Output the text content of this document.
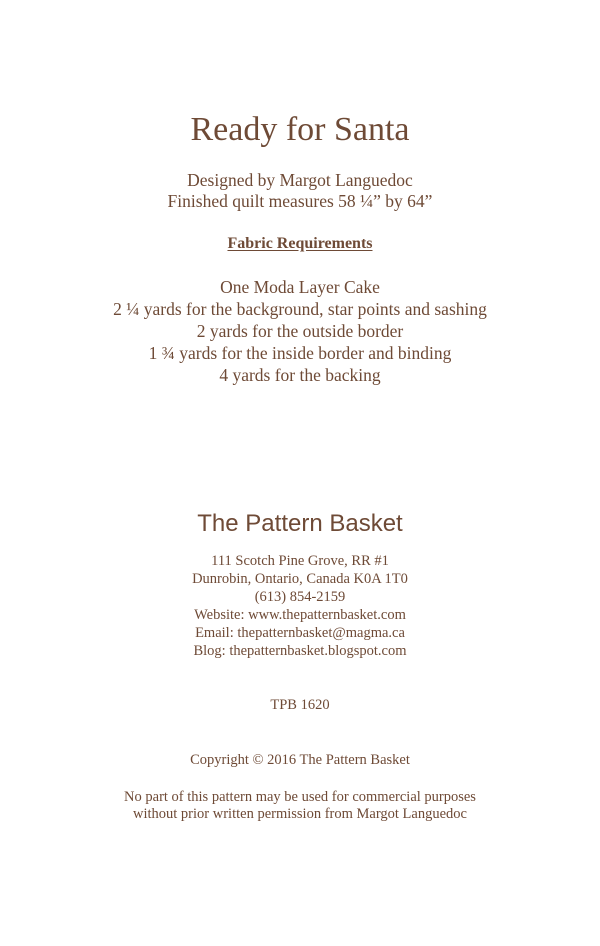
Ready for Santa
Designed by Margot Languedoc
Finished quilt measures 58 ¼” by 64”
Fabric Requirements
One Moda Layer Cake
2 ¼ yards for the background, star points and sashing
2 yards for the outside border
1 ¾ yards for the inside border and binding
4 yards for the backing
The Pattern Basket
111 Scotch Pine Grove, RR #1
Dunrobin, Ontario, Canada K0A 1T0
(613) 854-2159
Website: www.thepatternbasket.com
Email: thepatternbasket@magma.ca
Blog: thepatternbasket.blogspot.com
TPB 1620
Copyright © 2016 The Pattern Basket
No part of this pattern may be used for commercial purposes
without prior written permission from Margot Languedoc
